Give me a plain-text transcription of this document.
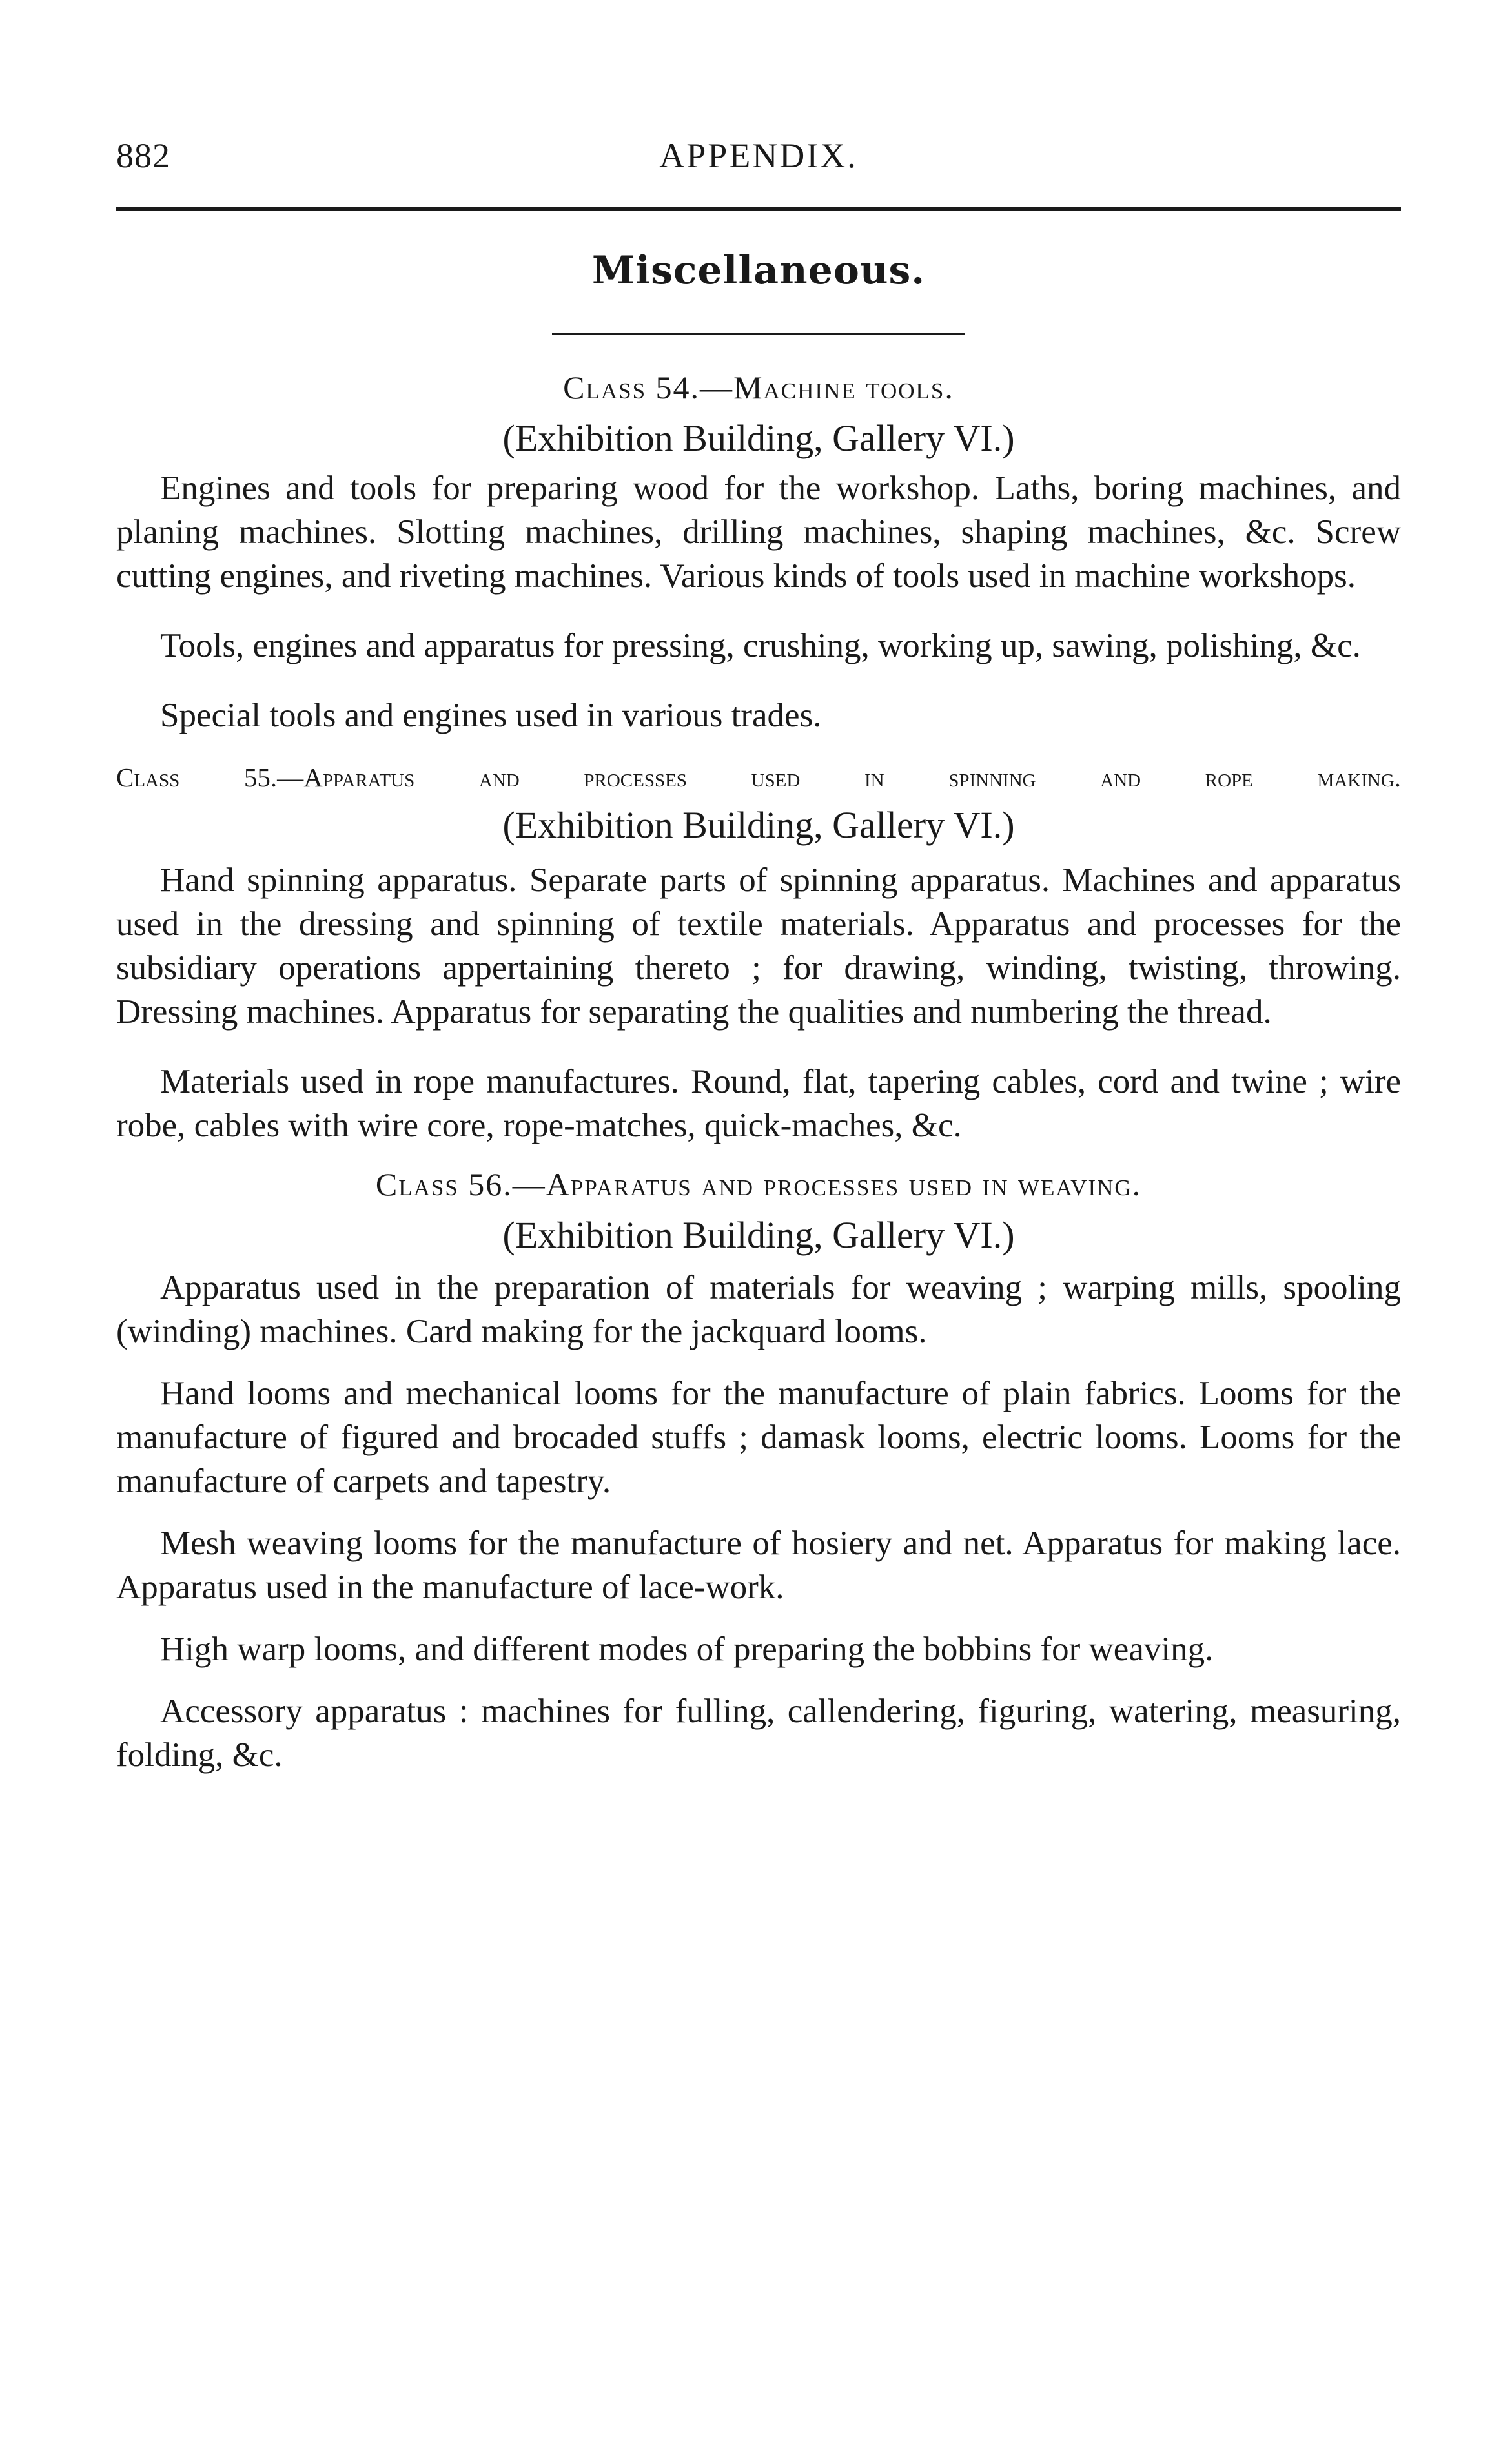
882	APPENDIX.
Miscellaneous.
Class 54.—Machine tools.
(Exhibition Building, Gallery VI.)

Engines and tools for preparing wood for the workshop. Laths, boring machines, and planing machines. Slotting machines, drilling machines, shaping machines, &c. Screw cutting engines, and riveting machines. Various kinds of tools used in machine workshops.

Tools, engines and apparatus for pressing, crushing, working up, sawing, polishing, &c.

Special tools and engines used in various trades.

Class 55.—Apparatus and processes used in spinning and rope making.
(Exhibition Building, Gallery VI.)

Hand spinning apparatus. Separate parts of spinning apparatus. Machines and apparatus used in the dressing and spinning of textile materials. Apparatus and processes for the subsidiary operations appertaining thereto ; for drawing, winding, twisting, throwing. Dressing machines. Apparatus for separating the qualities and numbering the thread.

Materials used in rope manufactures. Round, flat, tapering cables, cord and twine ; wire robe, cables with wire core, rope-matches, quick-maches, &c.

Class 56.—Apparatus and processes used in weaving.
(Exhibition Building, Gallery VI.)

Apparatus used in the preparation of materials for weaving ; warping mills, spooling (winding) machines. Card making for the jackquard looms.

Hand looms and mechanical looms for the manufacture of plain fabrics. Looms for the manufacture of figured and brocaded stuffs ; damask looms, electric looms. Looms for the manufacture of carpets and tapestry.

Mesh weaving looms for the manufacture of hosiery and net. Apparatus for making lace. Apparatus used in the manufacture of lace-work.

High warp looms, and different modes of preparing the bobbins for weaving.

Accessory apparatus : machines for fulling, callendering, figuring, watering, measuring, folding, &c.
